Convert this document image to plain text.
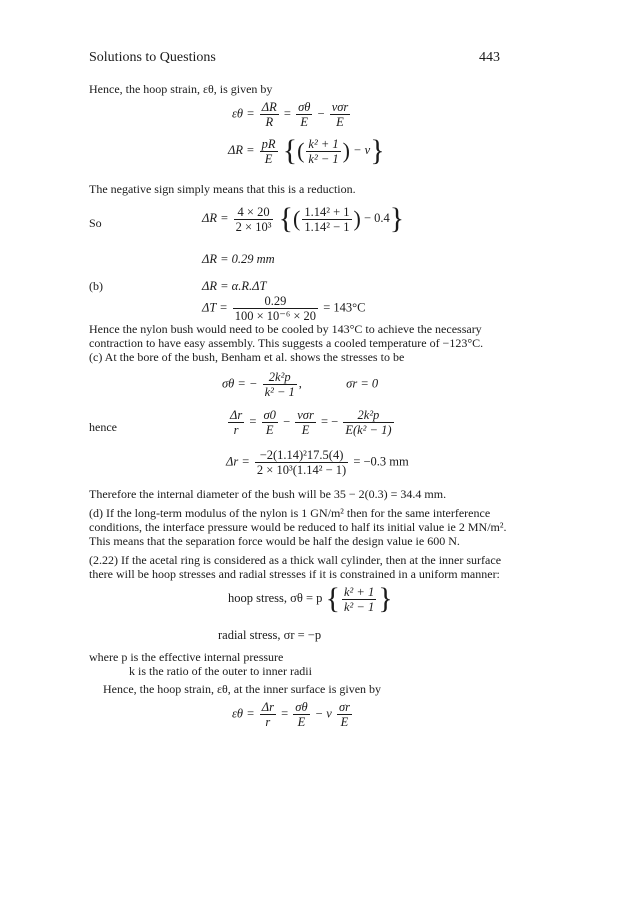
Solutions to Questions	443
Hence, the hoop strain, εθ, is given by
$\varepsilon\theta = \frac{\Delta R}{R} = \frac{\sigma\theta}{E} - \frac{\text{νσr}}{E}$
$\Delta R = \frac{pR}{E}$ {( $\frac{\text{k² + 1}}{\text{k² − 1}}$ ) − ν}
The negative sign simply means that this is a reduction.
So	$\Delta R = \frac{4 \times 20}{\text{2 × 10³}}$ {( $\frac{\text{1.14² + 1}}{\text{1.14² − 1}}$ ) − 0.4}
ΔR = 0.29 mm
(b)	ΔR = α.R.ΔT
$\Delta T = \frac{0.29}{\text{100 × 10⁻⁶ × 20}} = 143^\circ C$
Hence the nylon bush would need to be cooled by 143°C to achieve the necessary
contraction to have easy assembly. This suggests a cooled temperature of −123°C.
(c) At the bore of the bush, Benham et al. shows the stresses to be
σθ = − $\frac{\text{2k²p}}{\text{k² − 1}}$ ,	σr = 0
hence	$\frac{\Delta r}{r} = \frac{\sigma 0}{E} - \frac{\text{νσr}}{E}$ = − $\frac{\text{2k²p}}{\text{E(k² − 1)}}$
$\Delta r = \frac{\text{−2(1.14)²17.5(4)}}{\text{2 × 10³(1.14² − 1)}} = -0.3$ mm
Therefore the internal diameter of the bush will be 35 − 2(0.3) = 34.4 mm.
(d) If the long-term modulus of the nylon is 1 GN/m² then for the same interference
conditions, the interface pressure would be reduced to half its initial value ie 2 MN/m².
This means that the separation force would be half the design value ie 600 N.
(2.22) If the acetal ring is considered as a thick wall cylinder, then at the inner surface
there will be hoop stresses and radial stresses if it is constrained in a uniform manner:
hoop stress, σθ = p { $\frac{\text{k² + 1}}{\text{k² − 1}}$ }
radial stress, σr = −p
where p is the effective internal pressure
k is the ratio of the outer to inner radii
Hence, the hoop strain, εθ, at the inner surface is given by
$\varepsilon\theta = \frac{\Delta r}{r} = \frac{\sigma\theta}{E} - \nu \frac{\sigma r}{E}$
